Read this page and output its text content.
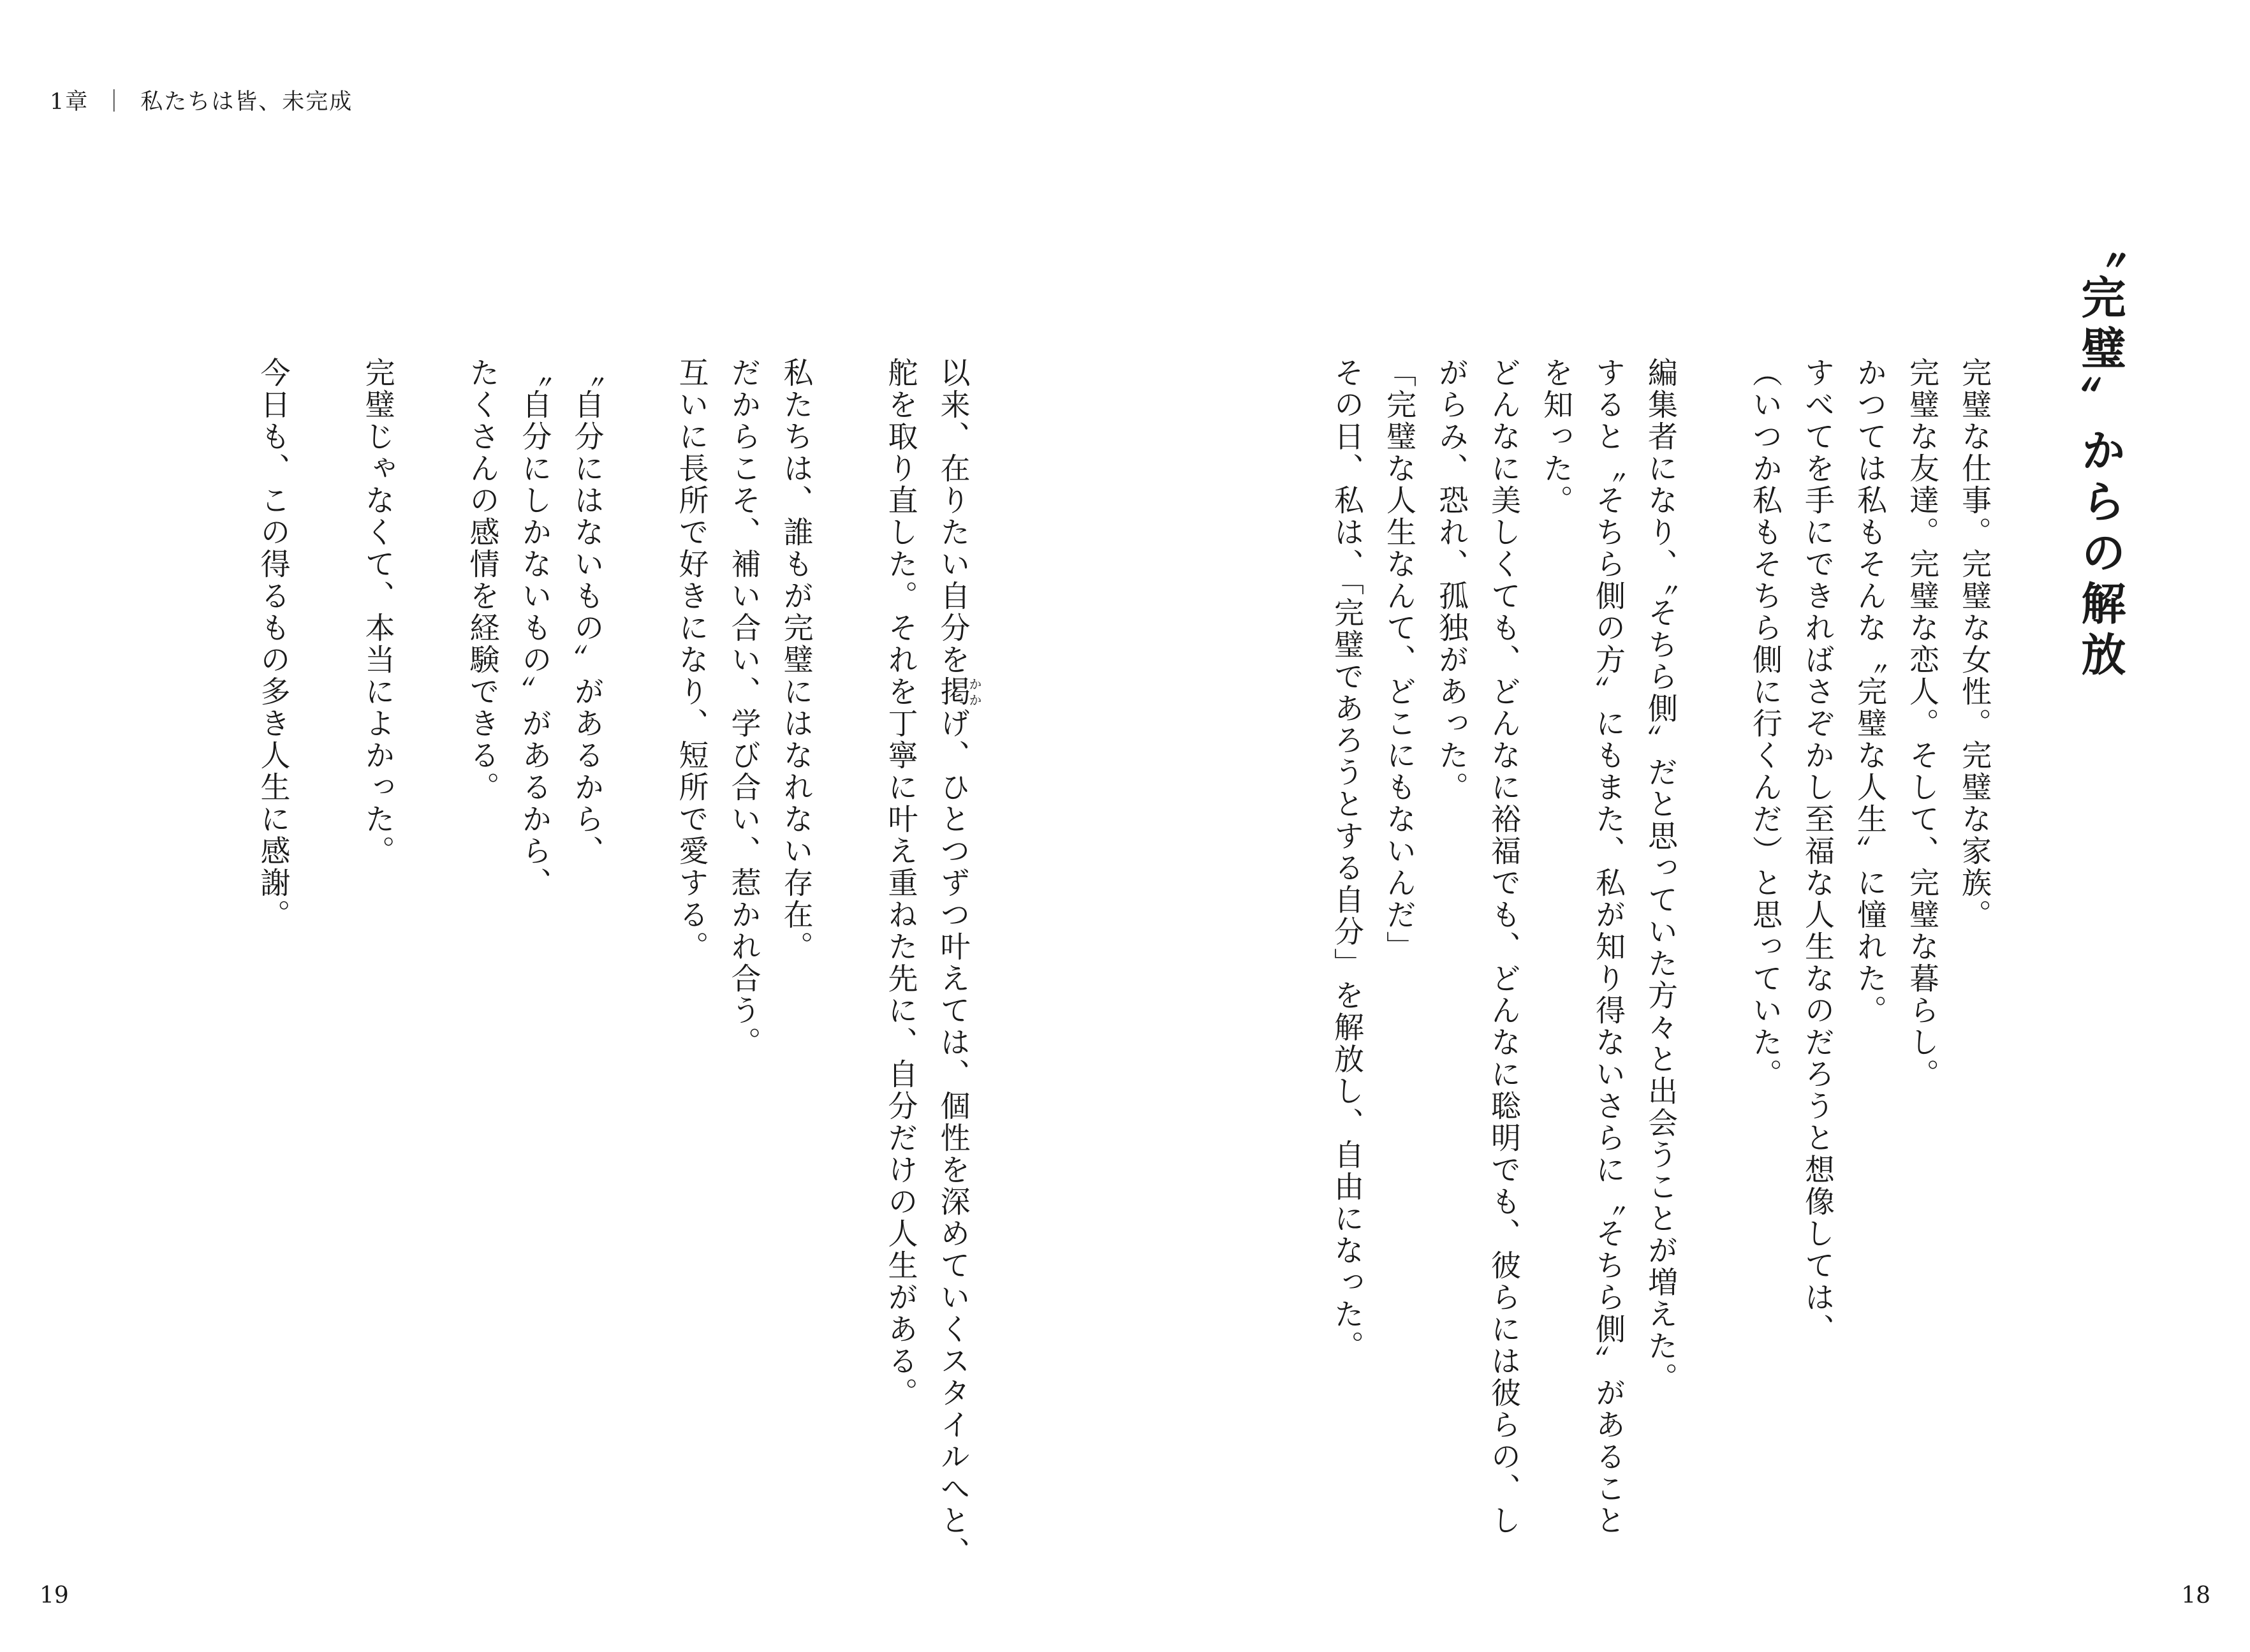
1章 ｜ 私たちは皆、未完成
〝完璧〟からの解放
完璧な仕事。完璧な女性。完璧な家族。
完璧な友達。完璧な恋人。そして、完璧な暮らし。
かつては私もそんな〝完璧な人生〟に憧れた。
すべてを手にできればさぞかし至福な人生なのだろうと想像しては、
（いつか私もそちら側に行くんだ）と思っていた。
編集者になり、〝そちら側〟だと思っていた方々と出会うことが増えた。
すると〝そちら側の方〟にもまた、私が知り得ないさらに〝そちら側〟があること
を知った。
どんなに美しくても、どんなに裕福でも、どんなに聡明でも、彼らには彼らの、し
がらみ、恐れ、孤独があった。
「完璧な人生なんて、どこにもないんだ」
その日、私は、「完璧であろうとする自分」を解放し、自由になった。
以来、在りたい自分を掲かかげ、ひとつずつ叶えては、個性を深めていくスタイルへと、
舵を取り直した。それを丁寧に叶え重ねた先に、自分だけの人生がある。
私たちは、誰もが完璧にはなれない存在。
だからこそ、補い合い、学び合い、惹かれ合う。
互いに長所で好きになり、短所で愛する。
〝自分にはないもの〟があるから、
〝自分にしかないもの〟があるから、
たくさんの感情を経験できる。
完璧じゃなくて、本当によかった。
今日も、この得るもの多き人生に感謝。
19	18
